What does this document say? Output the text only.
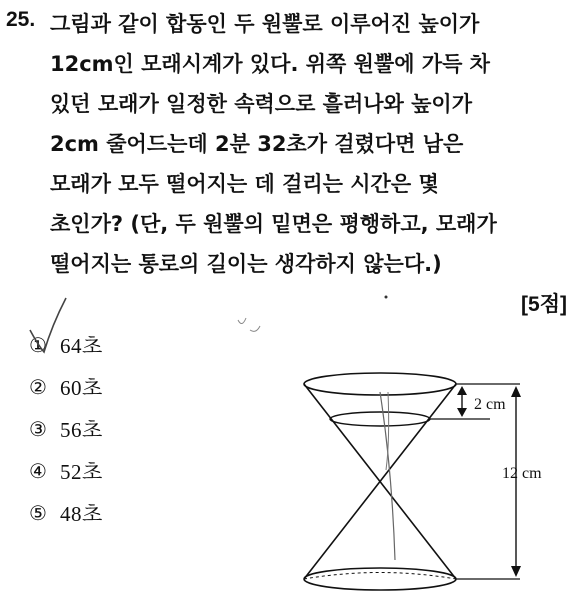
25. 그림과 같이 합동인 두 원뿔로 이루어진 높이가
12cm인 모래시계가 있다. 위쪽 원뿔에 가득 차
있던 모래가 일정한 속력으로 흘러나와 높이가
2cm 줄어드는데 2분 32초가 걸렸다면 남은
모래가 모두 떨어지는 데 걸리는 시간은 몇
초인가? (단, 두 원뿔의 밑면은 평행하고, 모래가
떨어지는 통로의 길이는 생각하지 않는다.)
[5점]
① 64초
② 60초
③ 56초
④ 52초
⑤ 48초
2 cm
12 cm
